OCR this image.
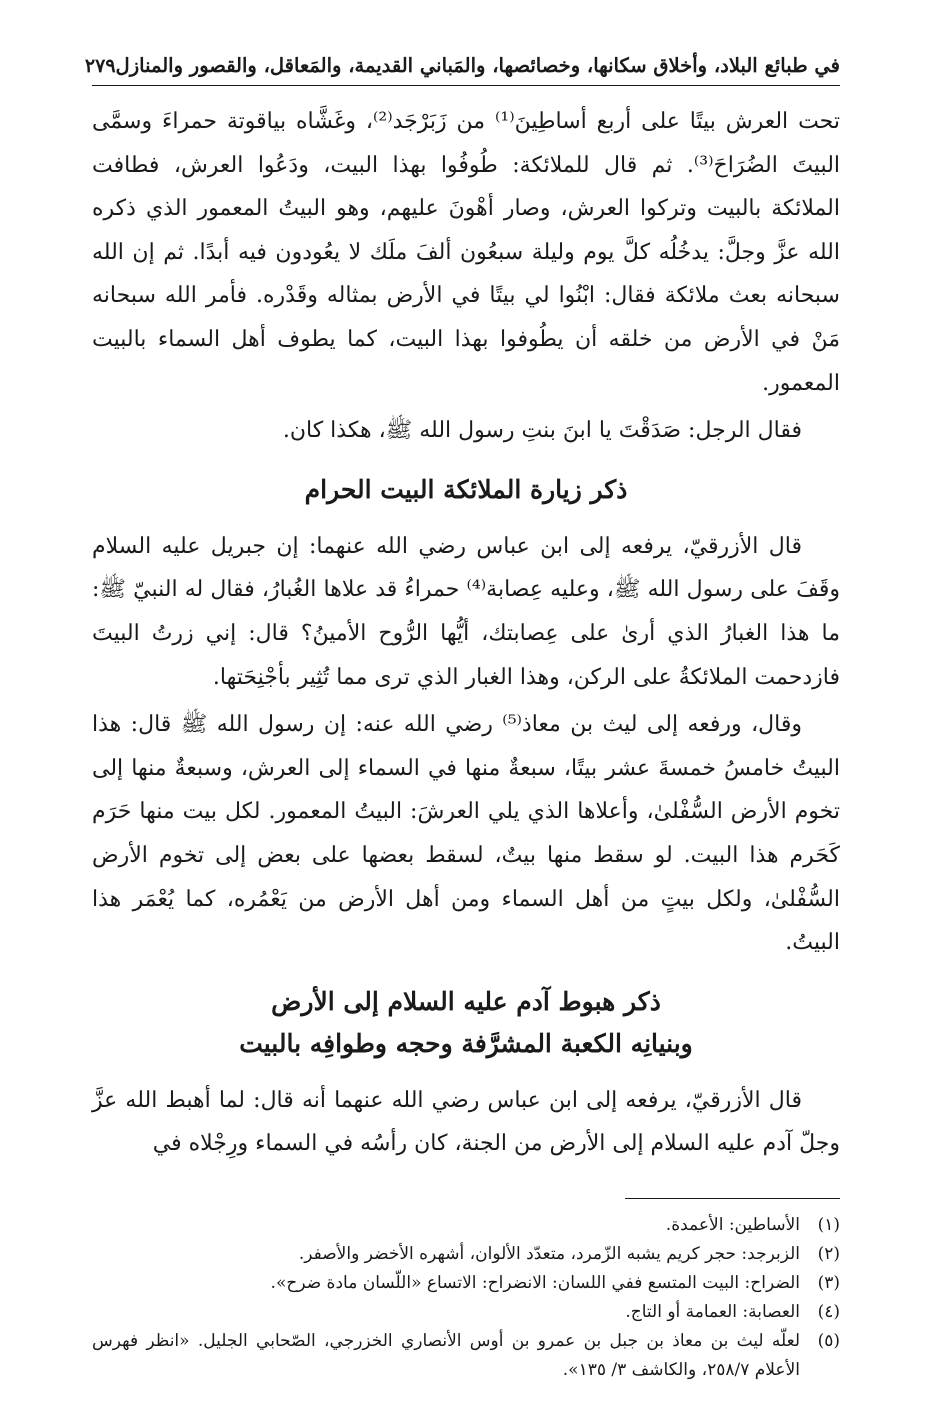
في طبائع البلاد، وأخلاق سكانها، وخصائصها، والمَباني القديمة، والمَعاقل، والقصور والمنازل
٢٧٩

تحت العرش بيتًا على أربع أساطِينَ⁽¹⁾ من زَبَرْجَد⁽²⁾، وغَشَّاه بياقوتة حمراءَ وسمَّى البيتَ الضُرَاحَ⁽³⁾. ثم قال للملائكة: طُوفُوا بهذا البيت، ودَعُوا العرش، فطافت الملائكة بالبيت وتركوا العرش، وصار أهْونَ عليهم، وهو البيتُ المعمور الذي ذكره الله عزَّ وجلَّ: يدخُلُه كلَّ يوم وليلة سبعُون ألفَ ملَك لا يعُودون فيه أبدًا. ثم إن الله سبحانه بعث ملائكة فقال: ابْنُوا لي بيتًا في الأرض بمثاله وقَدْره. فأمر الله سبحانه مَنْ في الأرض من خلقه أن يطُوفوا بهذا البيت، كما يطوف أهل السماء بالبيت المعمور.

فقال الرجل: صَدَقْتَ يا ابنَ بنتِ رسول الله ﷺ، هكذا كان.

ذكر زيارة الملائكة البيت الحرام

قال الأزرقيّ، يرفعه إلى ابن عباس رضي الله عنهما: إن جبريل عليه السلام وقَفَ على رسول الله ﷺ، وعليه عِصابة⁽⁴⁾ حمراءُ قد علاها الغُبارُ، فقال له النبيّ ﷺ: ما هذا الغبارُ الذي أرىٰ على عِصابتك، أيُّها الرُّوح الأمينُ؟ قال: إني زرتُ البيتَ فازدحمت الملائكةُ على الركن، وهذا الغبار الذي ترى مما تُثِير بأجْنِحَتها.

وقال، ورفعه إلى ليث بن معاذ⁽⁵⁾ رضي الله عنه: إن رسول الله ﷺ قال: هذا البيتُ خامسُ خمسةَ عشر بيتًا، سبعةٌ منها في السماء إلى العرش، وسبعةٌ منها إلى تخوم الأرض السُّفْلىٰ، وأعلاها الذي يلي العرشَ: البيتُ المعمور. لكل بيت منها حَرَم كَحَرم هذا البيت. لو سقط منها بيتٌ، لسقط بعضها على بعض إلى تخوم الأرض السُّفْلىٰ، ولكل بيتٍ من أهل السماء ومن أهل الأرض من يَعْمُره، كما يُعْمَر هذا البيتُ.

ذكر هبوط آدم عليه السلام إلى الأرض
وبنيانِه الكعبة المشرَّفة وحجه وطوافِه بالبيت

قال الأزرقيّ، يرفعه إلى ابن عباس رضي الله عنهما أنه قال: لما أهبط الله عزَّ وجلّ آدم عليه السلام إلى الأرض من الجنة، كان رأسُه في السماء ورِجْلاه في

(١)
الأساطين: الأعمدة.
(٢)
الزبرجد: حجر كريم يشبه الزّمرد، متعدّد الألوان، أشهره الأخضر والأصفر.
(٣)
الضراح: البيت المتسع ففي اللسان: الانضراح: الاتساع «اللّسان مادة ضرح».
(٤)
العصابة: العمامة أو التاج.
(٥)
لعلّه ليث بن معاذ بن جبل بن عمرو بن أوس الأنصاري الخزرجي، الصّحابي الجليل. «انظر فهرس الأعلام ٢٥٨/٧، والكاشف ٣/ ١٣٥».
